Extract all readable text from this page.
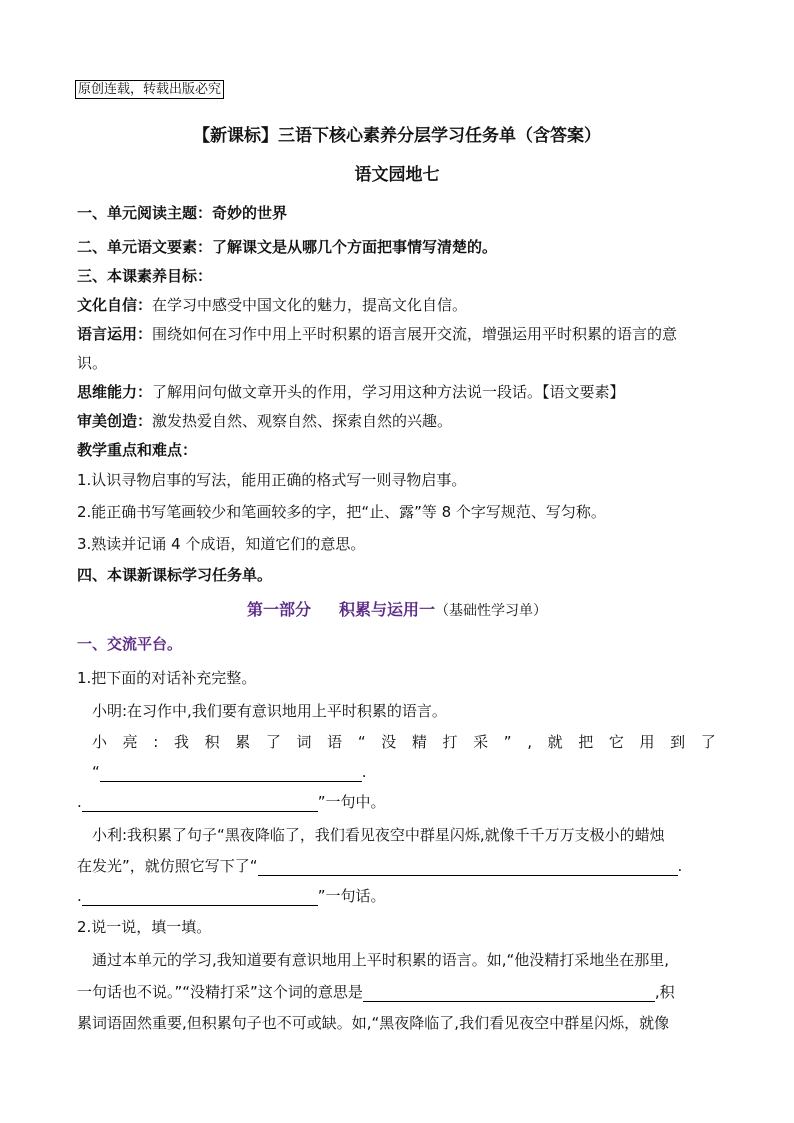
原创连载，转载出版必究
【新课标】三语下核心素养分层学习任务单（含答案）
语文园地七
一、单元阅读主题：奇妙的世界
二、单元语文要素：了解课文是从哪几个方面把事情写清楚的。
三、本课素养目标：
文化自信：在学习中感受中国文化的魅力，提高文化自信。
语言运用：围绕如何在习作中用上平时积累的语言展开交流，增强运用平时积累的语言的意
识。
思维能力：了解用问句做文章开头的作用，学习用这种方法说一段话。【语文要素】
审美创造：激发热爱自然、观察自然、探索自然的兴趣。
教学重点和难点：
1.认识寻物启事的写法，能用正确的格式写一则寻物启事。
2.能正确书写笔画较少和笔画较多的字，把“止、露”等 8 个字写规范、写匀称。
3.熟读并记诵 4 个成语，知道它们的意思。
四、本课新课标学习任务单。
第一部分 积累与运用一（基础性学习单）
一、交流平台。
1.把下面的对话补充完整。
小明:在习作中,我们要有意识地用上平时积累的语言。
小 亮 : 我 积 累 了 词 语 “ 没 精 打 采 ” , 就 把 它 用 到 了
“	.
.	”一句中。
小利:我积累了句子“黑夜降临了，我们看见夜空中群星闪烁,就像千千万万支极小的蜡烛
在发光”，就仿照它写下了“	.
.	”一句话。
2.说一说，填一填。
通过本单元的学习,我知道要有意识地用上平时积累的语言。如,“他没精打采地坐在那里,
一句话也不说。”“没精打采”这个词的意思是	,积
累词语固然重要,但积累句子也不可或缺。如,“黑夜降临了,我们看见夜空中群星闪烁，就像
